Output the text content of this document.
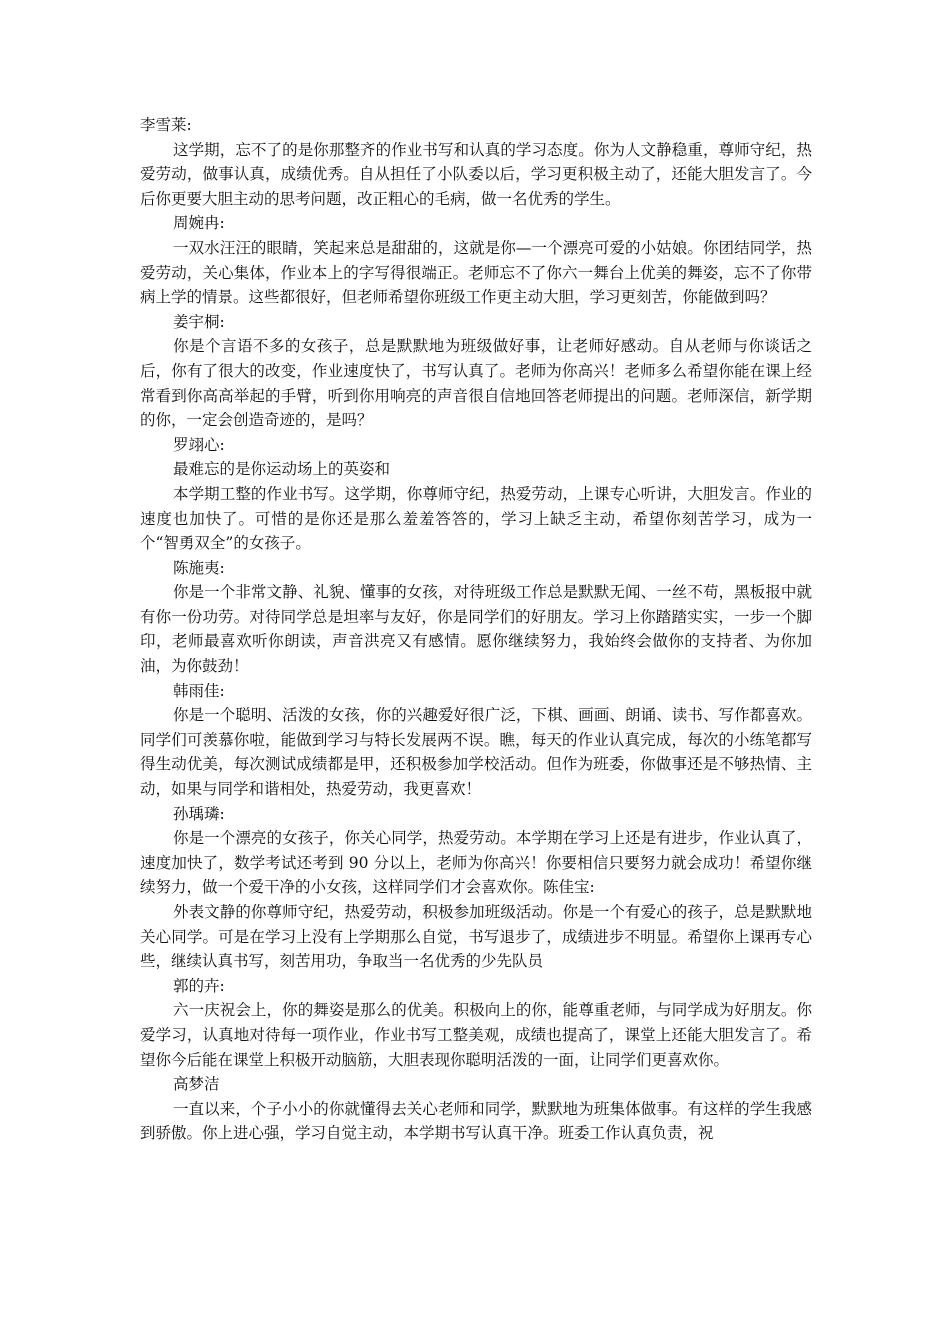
李雪莱:

这学期，忘不了的是你那整齐的作业书写和认真的学习态度。你为人文静稳重，尊师守纪，热爱劳动，做事认真，成绩优秀。自从担任了小队委以后，学习更积极主动了，还能大胆发言了。今后你更要大胆主动的思考问题，改正粗心的毛病，做一名优秀的学生。

周婉冉:

一双水汪汪的眼睛，笑起来总是甜甜的，这就是你—一个漂亮可爱的小姑娘。你团结同学，热爱劳动，关心集体，作业本上的字写得很端正。老师忘不了你六一舞台上优美的舞姿，忘不了你带病上学的情景。这些都很好，但老师希望你班级工作更主动大胆，学习更刻苦，你能做到吗？

姜宇桐:

你是个言语不多的女孩子，总是默默地为班级做好事，让老师好感动。自从老师与你谈话之后，你有了很大的改变，作业速度快了，书写认真了。老师为你高兴！老师多么希望你能在课上经常看到你高高举起的手臂，听到你用响亮的声音很自信地回答老师提出的问题。老师深信，新学期的你，一定会创造奇迹的，是吗？

罗翊心:

最难忘的是你运动场上的英姿和

本学期工整的作业书写。这学期，你尊师守纪，热爱劳动，上课专心听讲，大胆发言。作业的速度也加快了。可惜的是你还是那么羞羞答答的，学习上缺乏主动，希望你刻苦学习，成为一个“智勇双全”的女孩子。

陈施夷:

你是一个非常文静、礼貌、懂事的女孩，对待班级工作总是默默无闻、一丝不苟，黑板报中就有你一份功劳。对待同学总是坦率与友好，你是同学们的好朋友。学习上你踏踏实实，一步一个脚印，老师最喜欢听你朗读，声音洪亮又有感情。愿你继续努力，我始终会做你的支持者、为你加油，为你鼓劲！

韩雨佳:

你是一个聪明、活泼的女孩，你的兴趣爱好很广泛，下棋、画画、朗诵、读书、写作都喜欢。同学们可羡慕你啦，能做到学习与特长发展两不误。瞧，每天的作业认真完成，每次的小练笔都写得生动优美，每次测试成绩都是甲，还积极参加学校活动。但作为班委，你做事还是不够热情、主动，如果与同学和谐相处，热爱劳动，我更喜欢！

孙瑀璘:

你是一个漂亮的女孩子，你关心同学，热爱劳动。本学期在学习上还是有进步，作业认真了，速度加快了，数学考试还考到 90 分以上，老师为你高兴！你要相信只要努力就会成功！希望你继续努力，做一个爱干净的小女孩，这样同学们才会喜欢你。陈佳宝:

外表文静的你尊师守纪，热爱劳动，积极参加班级活动。你是一个有爱心的孩子，总是默默地关心同学。可是在学习上没有上学期那么自觉，书写退步了，成绩进步不明显。希望你上课再专心些，继续认真书写，刻苦用功，争取当一名优秀的少先队员

郭的卉:

六一庆祝会上，你的舞姿是那么的优美。积极向上的你，能尊重老师，与同学成为好朋友。你爱学习，认真地对待每一项作业，作业书写工整美观，成绩也提高了，课堂上还能大胆发言了。希望你今后能在课堂上积极开动脑筋，大胆表现你聪明活泼的一面，让同学们更喜欢你。

高梦洁

一直以来，个子小小的你就懂得去关心老师和同学，默默地为班集体做事。有这样的学生我感到骄傲。你上进心强，学习自觉主动，本学期书写认真干净。班委工作认真负责，祝
